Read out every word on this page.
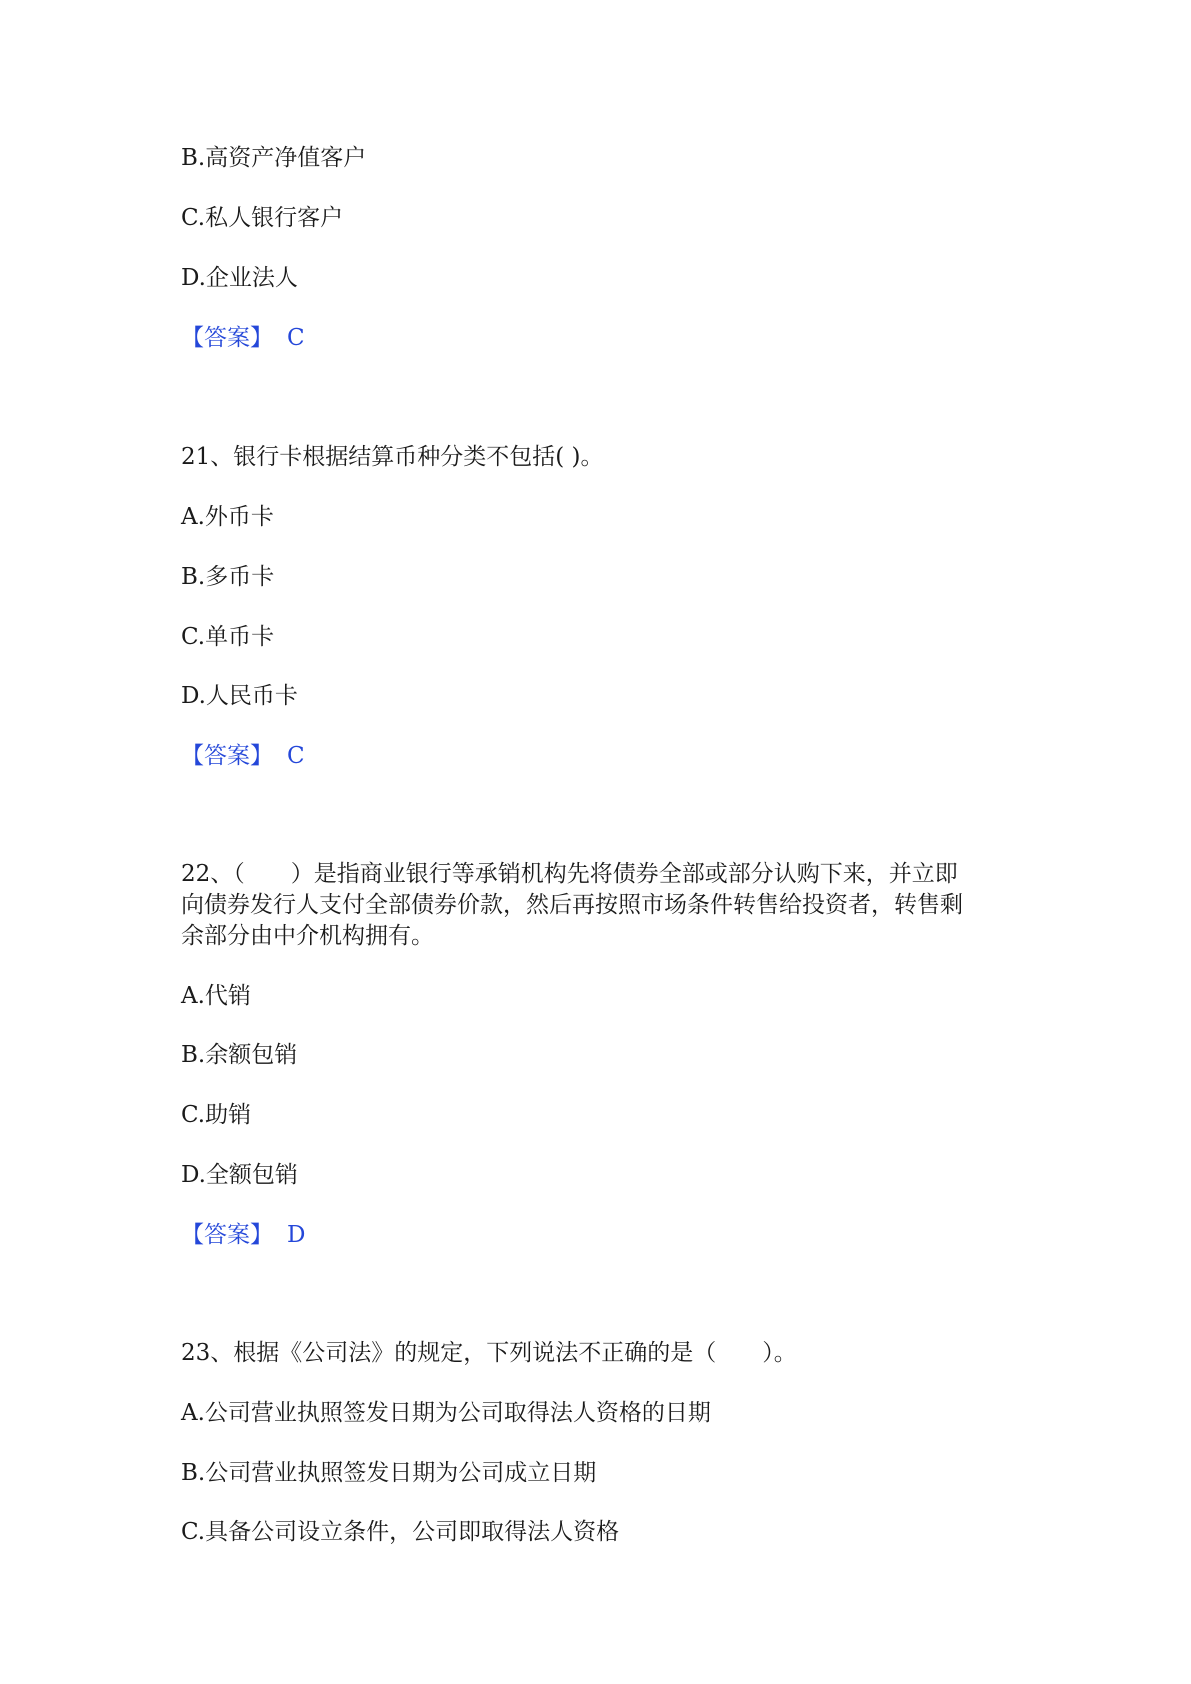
B.高资产净值客户

C.私人银行客户

D.企业法人

【答案】 C

21、银行卡根据结算币种分类不包括( )。

A.外币卡

B.多币卡

C.单币卡

D.人民币卡

【答案】 C

22、（　　）是指商业银行等承销机构先将债券全部或部分认购下来，并立即

向债券发行人支付全部债券价款，然后再按照市场条件转售给投资者，转售剩

余部分由中介机构拥有。

A.代销

B.余额包销

C.助销

D.全额包销

【答案】 D

23、根据《公司法》的规定，下列说法不正确的是（　　）。

A.公司营业执照签发日期为公司取得法人资格的日期

B.公司营业执照签发日期为公司成立日期

C.具备公司设立条件，公司即取得法人资格
